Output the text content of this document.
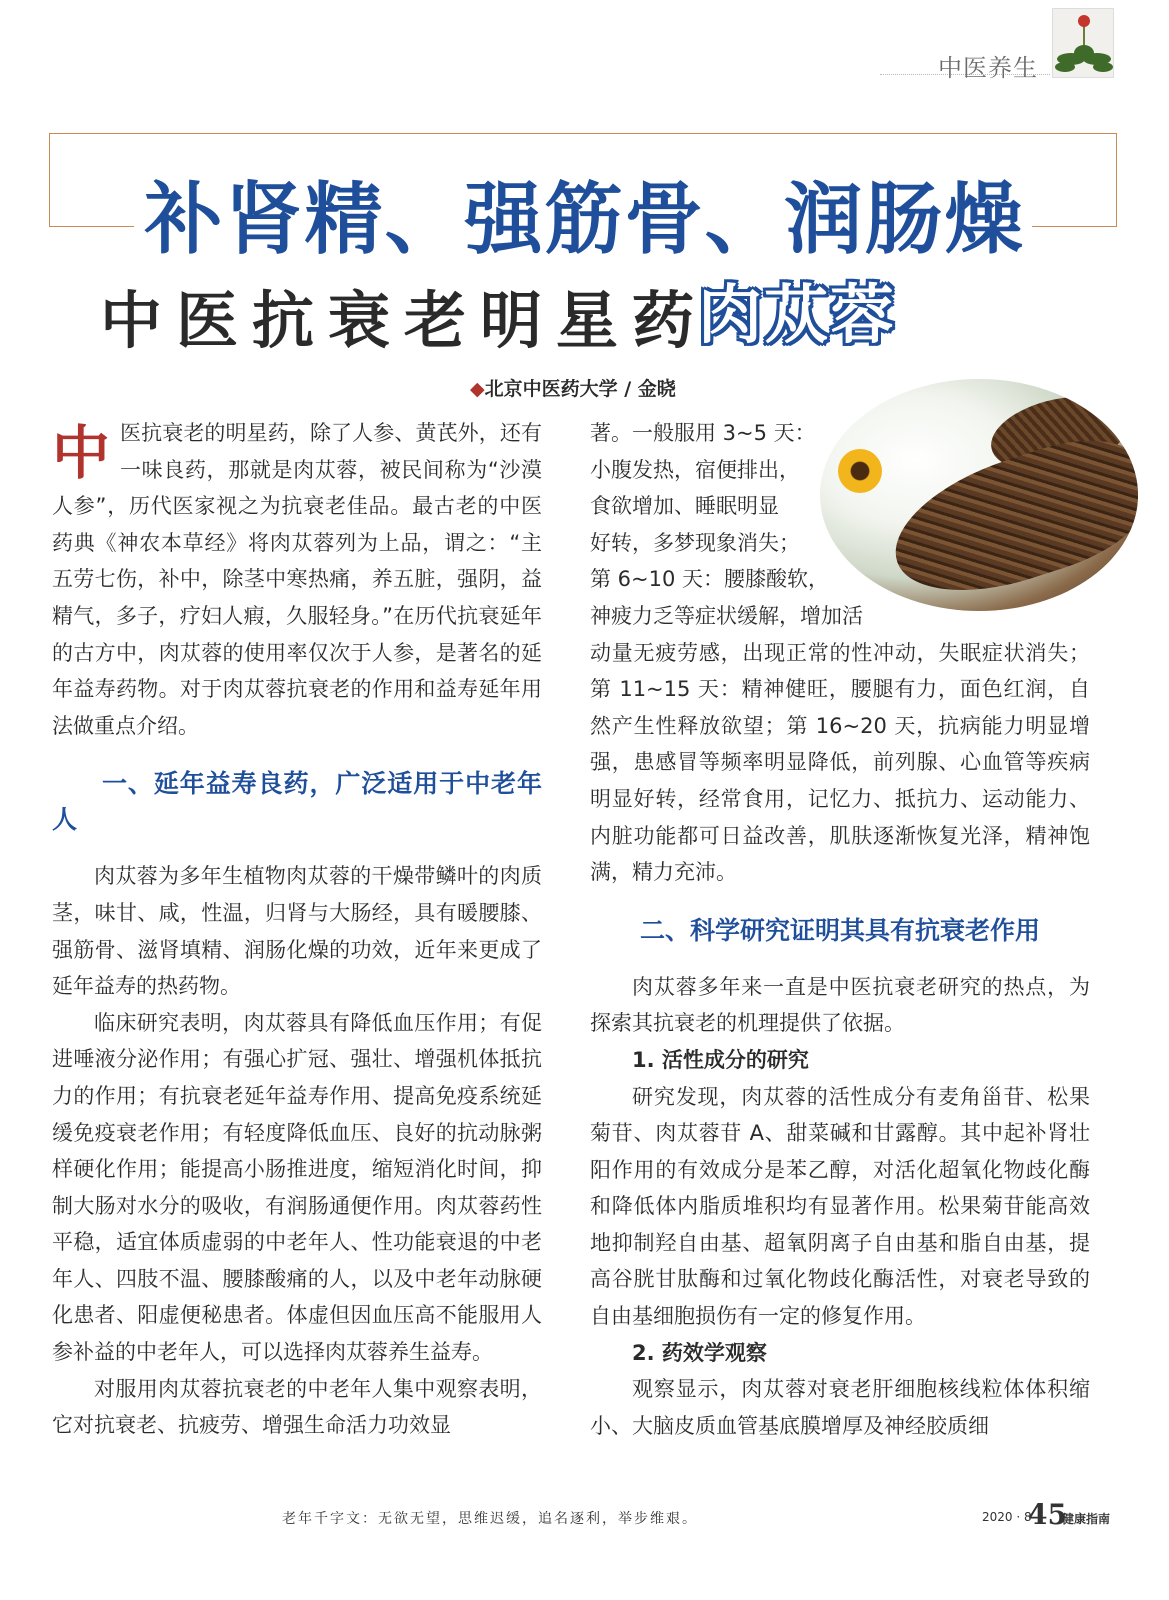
中医养生
补肾精、强筋骨、润肠燥
中医抗衰老明星药
肉苁蓉
◆北京中医药大学 / 金晓

中医抗衰老的明星药，除了人参、黄芪外，还有一味良药，那就是肉苁蓉，被民间称为“沙漠人参”，历代医家视之为抗衰老佳品。最古老的中医药典《神农本草经》将肉苁蓉列为上品，谓之：“主五劳七伤，补中，除茎中寒热痛，养五脏，强阴，益精气，多子，疗妇人瘕，久服轻身。”在历代抗衰延年的古方中，肉苁蓉的使用率仅次于人参，是著名的延年益寿药物。对于肉苁蓉抗衰老的作用和益寿延年用法做重点介绍。

一、延年益寿良药，广泛适用于中老年人

肉苁蓉为多年生植物肉苁蓉的干燥带鳞叶的肉质茎，味甘、咸，性温，归肾与大肠经，具有暖腰膝、强筋骨、滋肾填精、润肠化燥的功效，近年来更成了延年益寿的热药物。

临床研究表明，肉苁蓉具有降低血压作用；有促进唾液分泌作用；有强心扩冠、强壮、增强机体抵抗力的作用；有抗衰老延年益寿作用、提高免疫系统延缓免疫衰老作用；有轻度降低血压、良好的抗动脉粥样硬化作用；能提高小肠推进度，缩短消化时间，抑制大肠对水分的吸收，有润肠通便作用。肉苁蓉药性平稳，适宜体质虚弱的中老年人、性功能衰退的中老年人、四肢不温、腰膝酸痛的人，以及中老年动脉硬化患者、阳虚便秘患者。体虚但因血压高不能服用人参补益的中老年人，可以选择肉苁蓉养生益寿。

对服用肉苁蓉抗衰老的中老年人集中观察表明，它对抗衰老、抗疲劳、增强生命活力功效显

著。一般服用 3~5 天：

小腹发热，宿便排出，

食欲增加、睡眠明显

好转，多梦现象消失；

第 6~10 天：腰膝酸软，

神疲力乏等症状缓解，增加活

动量无疲劳感，出现正常的性冲动，失眠症状消失；第 11~15 天：精神健旺，腰腿有力，面色红润，自然产生性释放欲望；第 16~20 天，抗病能力明显增强，患感冒等频率明显降低，前列腺、心血管等疾病明显好转，经常食用，记忆力、抵抗力、运动能力、内脏功能都可日益改善，肌肤逐渐恢复光泽，精神饱满，精力充沛。

二、科学研究证明其具有抗衰老作用

肉苁蓉多年来一直是中医抗衰老研究的热点，为探索其抗衰老的机理提供了依据。

1. 活性成分的研究

研究发现，肉苁蓉的活性成分有麦角甾苷、松果菊苷、肉苁蓉苷 A、甜菜碱和甘露醇。其中起补肾壮阳作用的有效成分是苯乙醇，对活化超氧化物歧化酶和降低体内脂质堆积均有显著作用。松果菊苷能高效地抑制羟自由基、超氧阴离子自由基和脂自由基，提高谷胱甘肽酶和过氧化物歧化酶活性，对衰老导致的自由基细胞损伤有一定的修复作用。

2. 药效学观察

观察显示，肉苁蓉对衰老肝细胞核线粒体体积缩小、大脑皮质血管基底膜增厚及神经胶质细

老年千字文：无欲无望，思维迟缓，追名逐利，举步维艰。	2020 · 8
45
健康指南
